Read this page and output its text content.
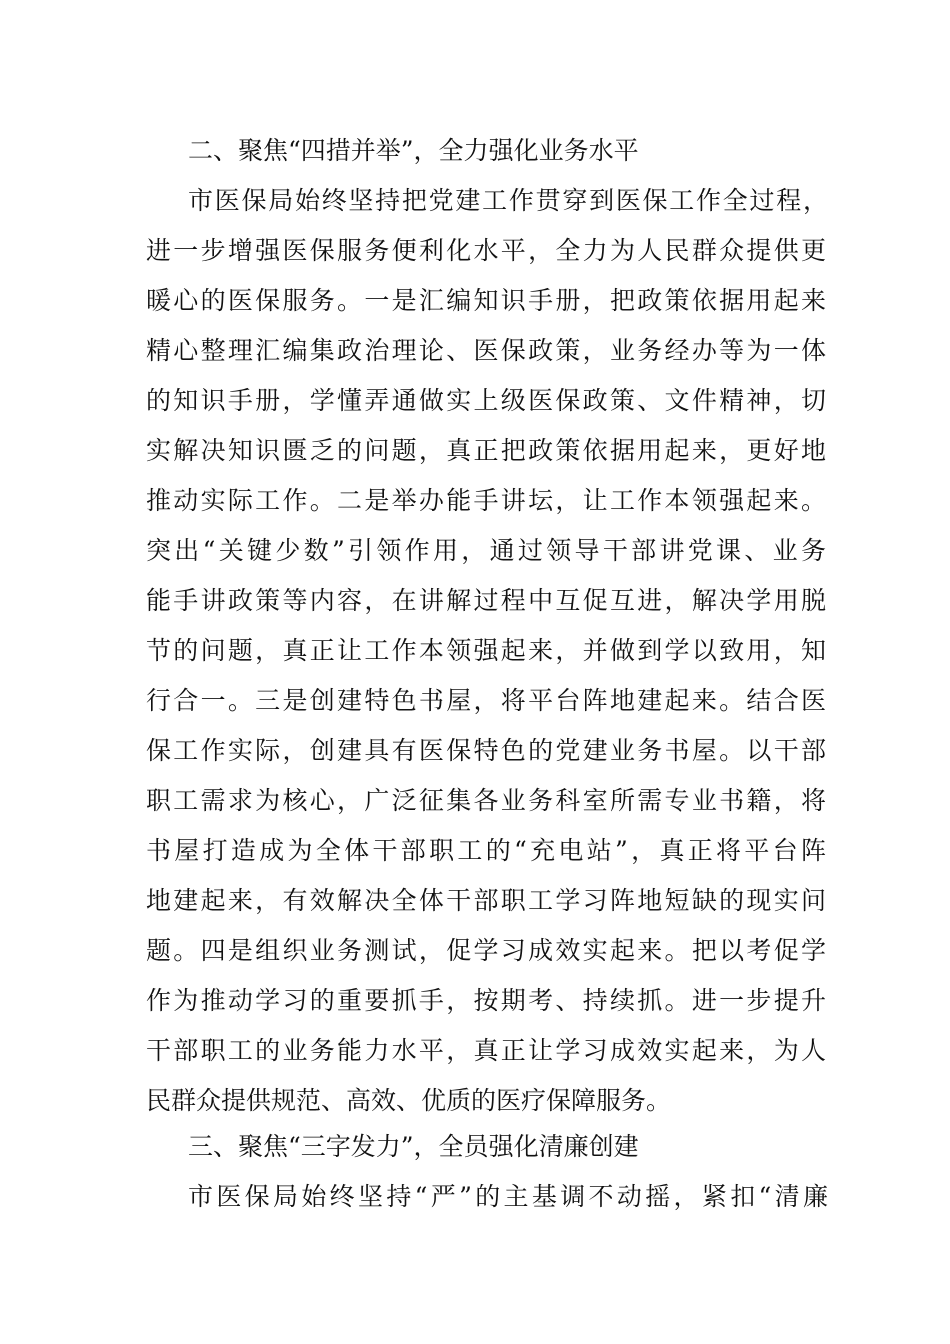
二、聚焦“四措并举”，全力强化业务水平

市医保局始终坚持把党建工作贯穿到医保工作全过程，

进一步增强医保服务便利化水平，全力为人民群众提供更

暖心的医保服务。一是汇编知识手册，把政策依据用起来

精心整理汇编集政治理论、医保政策，业务经办等为一体

的知识手册，学懂弄通做实上级医保政策、文件精神，切

实解决知识匮乏的问题，真正把政策依据用起来，更好地

推动实际工作。二是举办能手讲坛，让工作本领强起来。

突出“关键少数”引领作用，通过领导干部讲党课、业务

能手讲政策等内容，在讲解过程中互促互进，解决学用脱

节的问题，真正让工作本领强起来，并做到学以致用，知

行合一。三是创建特色书屋，将平台阵地建起来。结合医

保工作实际，创建具有医保特色的党建业务书屋。以干部

职工需求为核心，广泛征集各业务科室所需专业书籍，将

书屋打造成为全体干部职工的“充电站”，真正将平台阵

地建起来，有效解决全体干部职工学习阵地短缺的现实问

题。四是组织业务测试，促学习成效实起来。把以考促学

作为推动学习的重要抓手，按期考、持续抓。进一步提升

干部职工的业务能力水平，真正让学习成效实起来，为人

民群众提供规范、高效、优质的医疗保障服务。

三、聚焦“三字发力”，全员强化清廉创建

市医保局始终坚持“严”的主基调不动摇，紧扣“清廉
